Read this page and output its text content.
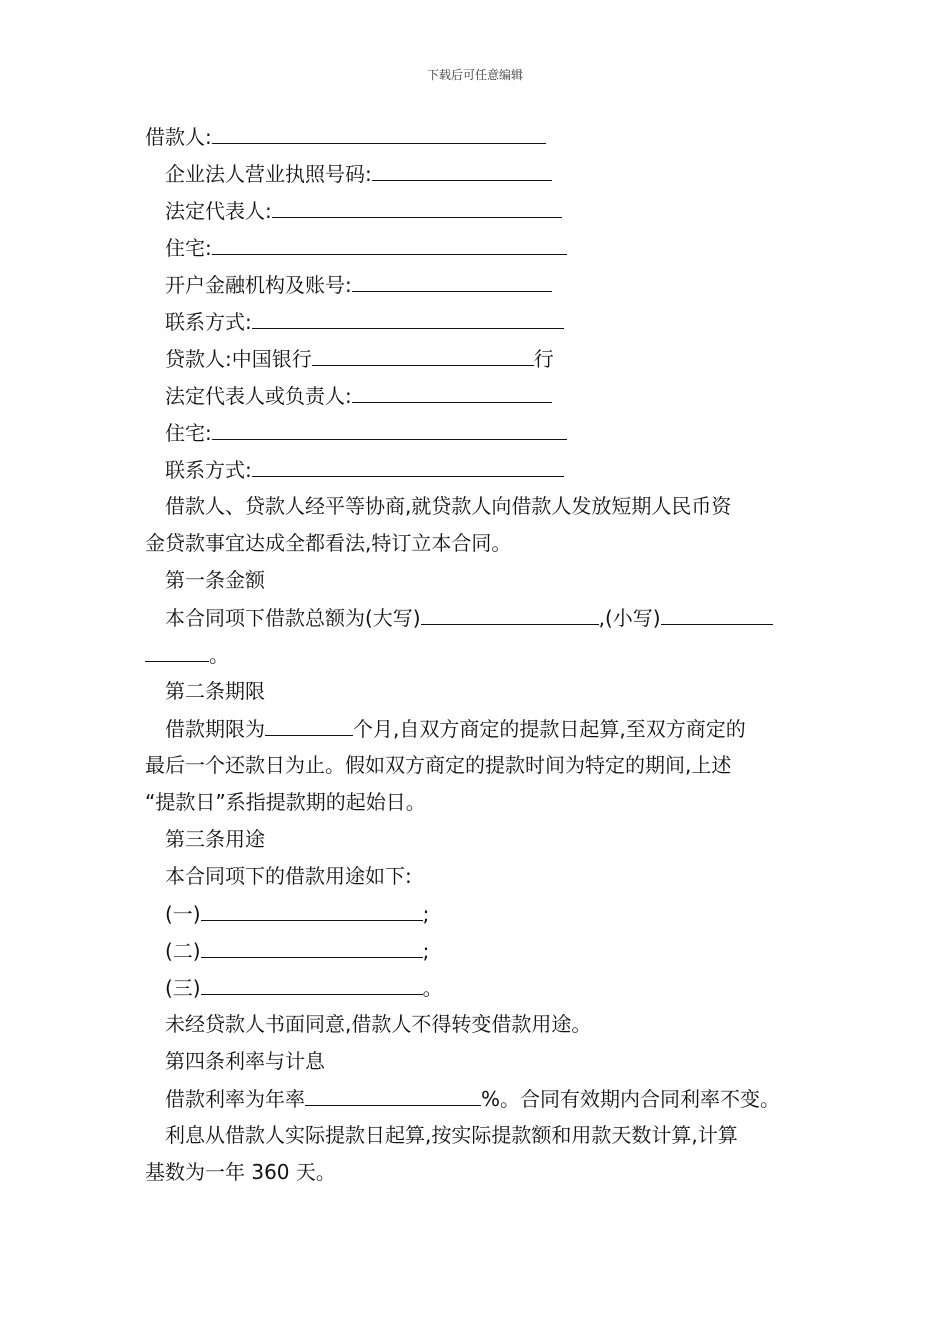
下载后可任意编辑
借款人:
企业法人营业执照号码:
法定代表人:
住宅:
开户金融机构及账号:
联系方式:
贷款人:中国银行	行
法定代表人或负责人:
住宅:
联系方式:
借款人、贷款人经平等协商,就贷款人向借款人发放短期人民币资
金贷款事宜达成全都看法,特订立本合同。
第一条金额
本合同项下借款总额为(大写)	,(小写)
。
第二条期限
借款期限为	个月,自双方商定的提款日起算,至双方商定的
最后一个还款日为止。假如双方商定的提款时间为特定的期间,上述
“提款日”系指提款期的起始日。
第三条用途
本合同项下的借款用途如下:
(一)	;
(二)	;
(三)	。
未经贷款人书面同意,借款人不得转变借款用途。
第四条利率与计息
借款利率为年率	%。合同有效期内合同利率不变。
利息从借款人实际提款日起算,按实际提款额和用款天数计算,计算
基数为一年 360 天。
